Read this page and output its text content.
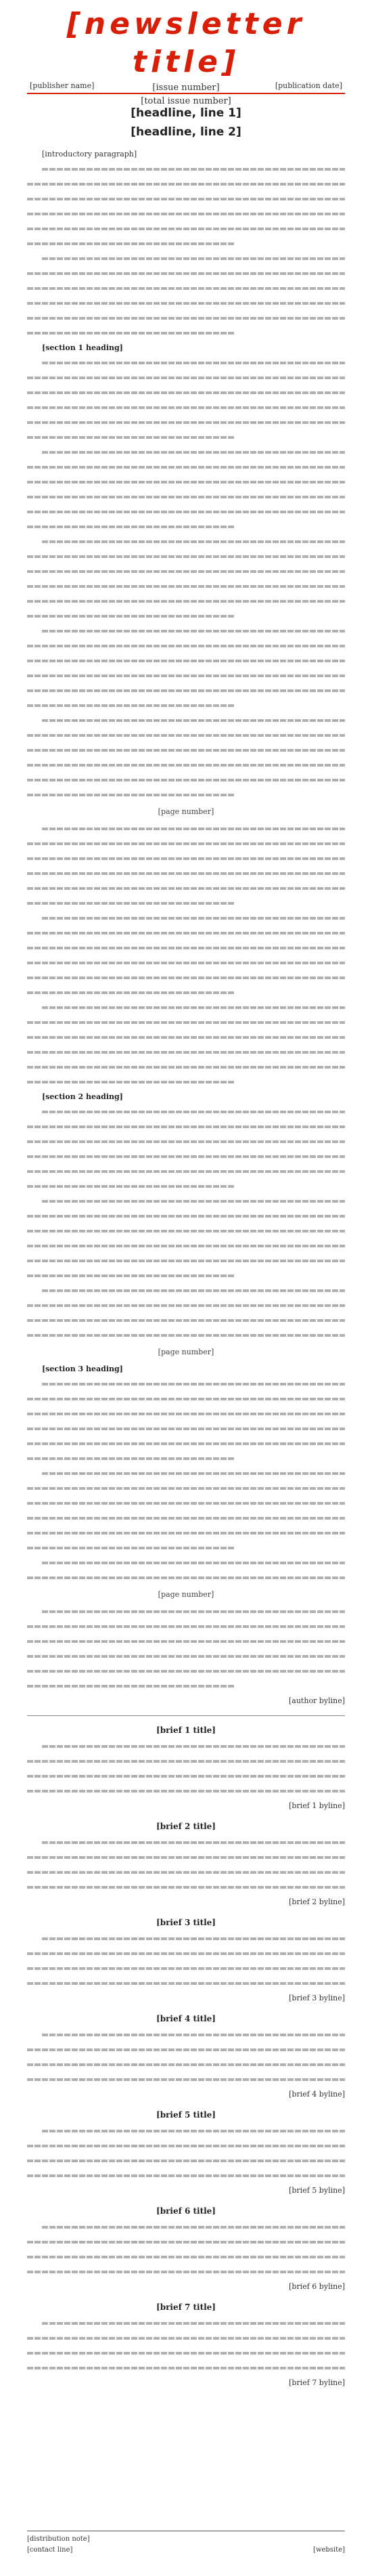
[newsletter title]
[issue number]
[total issue number]
[publisher name]	[publication date]
[headline, line 1]
[headline, line 2]

[introductory paragraph]

[section 1 heading]

[page number]

[section 2 heading]

[page number]

[section 3 heading]

[page number]
[author byline]
[brief 1 title]
[brief 1 byline]
[brief 2 title]
[brief 2 byline]
[brief 3 title]
[brief 3 byline]
[brief 4 title]
[brief 4 byline]
[brief 5 title]
[brief 5 byline]
[brief 6 title]
[brief 6 byline]
[brief 7 title]
[brief 7 byline]
[distribution note]
[contact line]	[website]
